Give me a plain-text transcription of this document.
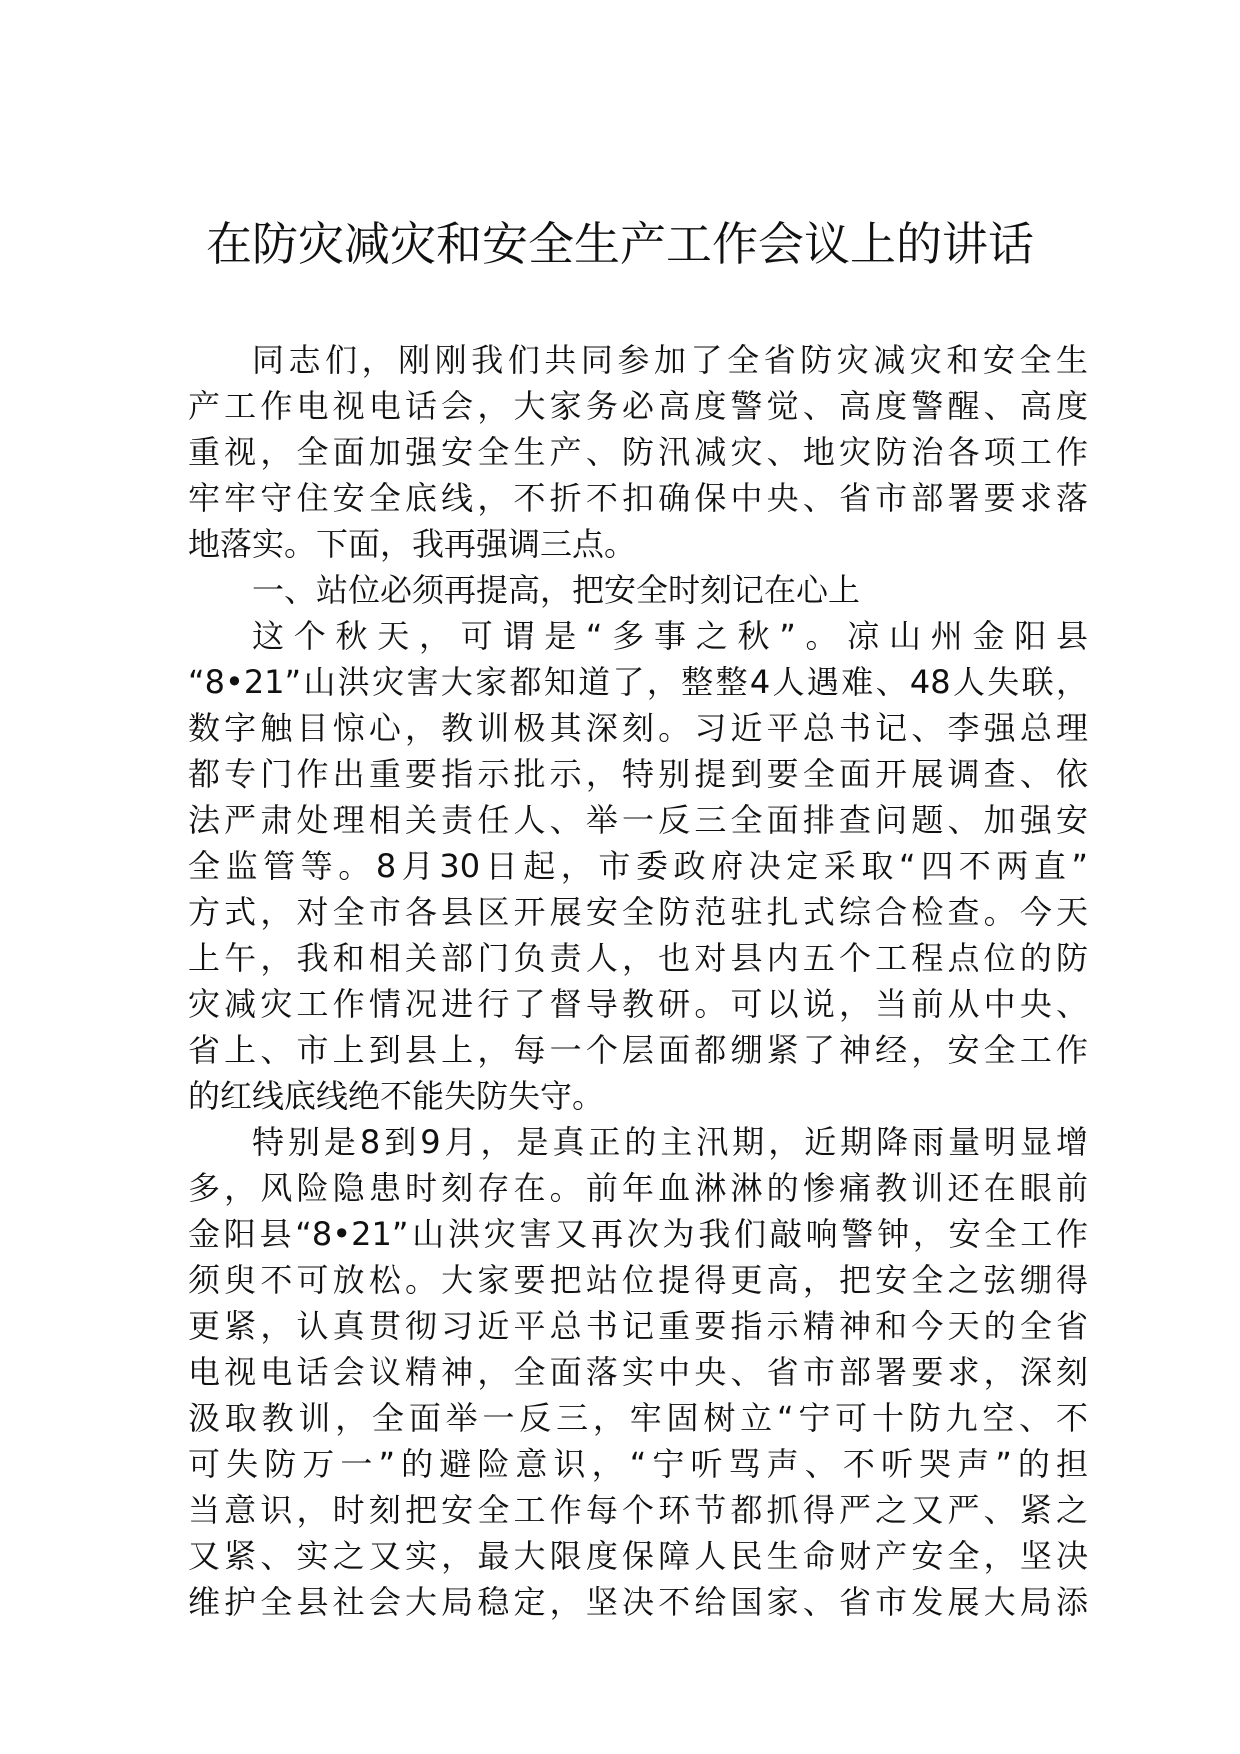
在防灾减灾和安全生产工作会议上的讲话
同志们，刚刚我们共同参加了全省防灾减灾和安全生
产工作电视电话会，大家务必高度警觉、高度警醒、高度
重视，全面加强安全生产、防汛减灾、地灾防治各项工作
牢牢守住安全底线，不折不扣确保中央、省市部署要求落
地落实。下面，我再强调三点。
一、站位必须再提高，把安全时刻记在心上
这个秋天，可谓是“多事之秋”。凉山州金阳县
“8•21”山洪灾害大家都知道了，整整4人遇难、48人失联，
数字触目惊心，教训极其深刻。习近平总书记、李强总理
都专门作出重要指示批示，特别提到要全面开展调查、依
法严肃处理相关责任人、举一反三全面排查问题、加强安
全监管等。8月30日起，市委政府决定采取“四不两直”
方式，对全市各县区开展安全防范驻扎式综合检查。今天
上午，我和相关部门负责人，也对县内五个工程点位的防
灾减灾工作情况进行了督导教研。可以说，当前从中央、
省上、市上到县上，每一个层面都绷紧了神经，安全工作
的红线底线绝不能失防失守。
特别是8到9月，是真正的主汛期，近期降雨量明显增
多，风险隐患时刻存在。前年血淋淋的惨痛教训还在眼前
金阳县“8•21”山洪灾害又再次为我们敲响警钟，安全工作
须臾不可放松。大家要把站位提得更高，把安全之弦绷得
更紧，认真贯彻习近平总书记重要指示精神和今天的全省
电视电话会议精神，全面落实中央、省市部署要求，深刻
汲取教训，全面举一反三，牢固树立“宁可十防九空、不
可失防万一”的避险意识，“宁听骂声、不听哭声”的担
当意识，时刻把安全工作每个环节都抓得严之又严、紧之
又紧、实之又实，最大限度保障人民生命财产安全，坚决
维护全县社会大局稳定，坚决不给国家、省市发展大局添
